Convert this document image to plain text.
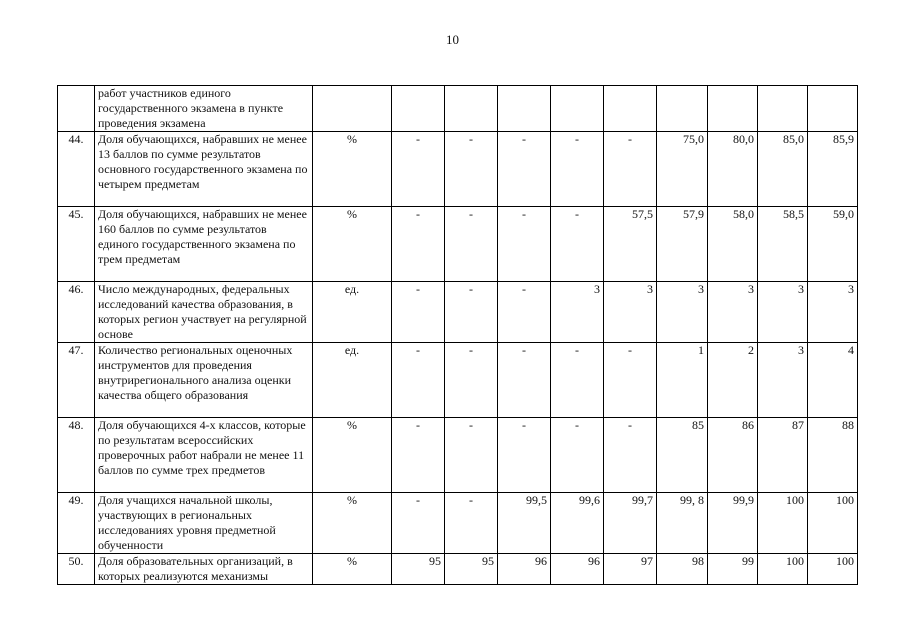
10
	работ участников единого государственного экзамена в пункте проведения экзамена										
44.	Доля обучающихся, набравших не менее 13 баллов по сумме результатов основного государственного экзамена по четырем предметам	%	-	-	-	-	-	75,0	80,0	85,0	85,9
45.	Доля обучающихся, набравших не менее 160 баллов по сумме результатов единого государственного экзамена по трем предметам	%	-	-	-	-	57,5	57,9	58,0	58,5	59,0
46.	Число международных, федеральных исследований качества образования, в которых регион участвует на регулярной основе	ед.	-	-	-	3	3	3	3	3	3
47.	Количество региональных оценочных инструментов для проведения внутрирегионального анализа оценки качества общего образования	ед.	-	-	-	-	-	1	2	3	4
48.	Доля обучающихся 4-х классов, которые по результатам всероссийских проверочных работ набрали не менее 11 баллов по сумме трех предметов	%	-	-	-	-	-	85	86	87	88
49.	Доля учащихся начальной школы, участвующих в региональных исследованиях уровня предметной обученности	%	-	-	99,5	99,6	99,7	99, 8	99,9	100	100
50.	Доля образовательных организаций, в которых реализуются механизмы	%	95	95	96	96	97	98	99	100	100
